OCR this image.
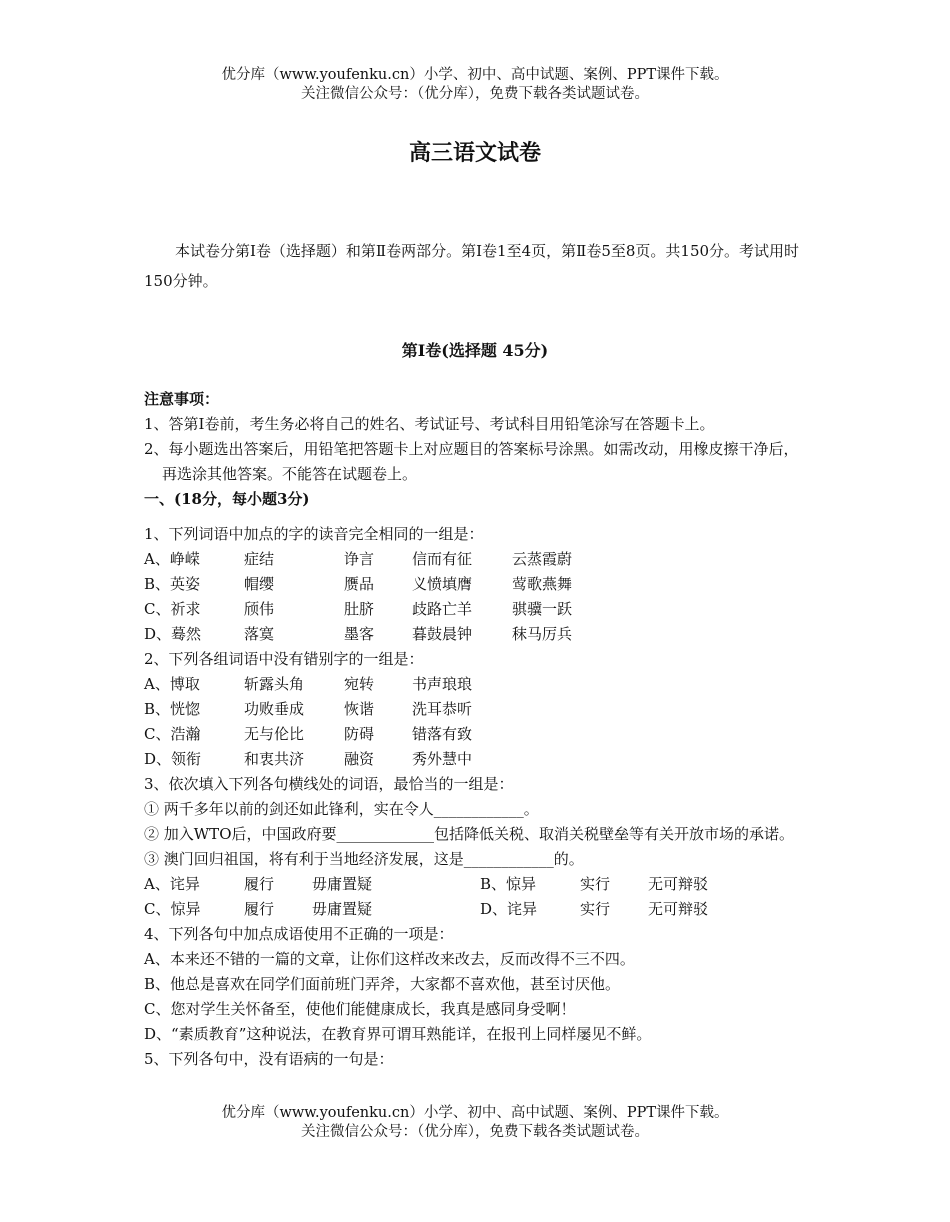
优分库（www.youfenku.cn）小学、初中、高中试题、案例、PPT课件下载。
关注微信公众号：（优分库），免费下载各类试题试卷。
高三语文试卷
本试卷分第Ⅰ卷（选择题）和第Ⅱ卷两部分。第Ⅰ卷1至4页，第Ⅱ卷5至8页。共150分。考试用时150分钟。
第Ⅰ卷(选择题 45分)
注意事项：
1、答第Ⅰ卷前，考生务必将自己的姓名、考试证号、考试科目用铅笔涂写在答题卡上。
2、每小题选出答案后，用铅笔把答题卡上对应题目的答案标号涂黑。如需改动，用橡皮擦干净后，再选涂其他答案。不能答在试题卷上。
一、(18分，每小题3分)
1、下列词语中加点的字的读音完全相同的一组是：
A、峥嵘	症结	诤言	信而有征	云蒸霞蔚
B、英姿	帽缨	赝品	义愤填膺	莺歌燕舞
C、祈求	颀伟	肚脐	歧路亡羊	骐骥一跃
D、蓦然	落寞	墨客	暮鼓晨钟	秣马厉兵
2、下列各组词语中没有错别字的一组是：
A、博取	斩露头角	宛转	书声琅琅
B、恍惚	功败垂成	恢谐	洗耳恭听
C、浩瀚	无与伦比	防碍	错落有致
D、领衔	和衷共济	融资	秀外慧中
3、依次填入下列各句横线处的词语，最恰当的一组是：
① 两千多年以前的剑还如此锋利，实在令人____________。
② 加入WTO后，中国政府要_____________包括降低关税、取消关税壁垒等有关开放市场的承诺。
③ 澳门回归祖国，将有利于当地经济发展，这是____________的。
A、诧异	履行	毋庸置疑	B、惊异	实行	无可辩驳
C、惊异	履行	毋庸置疑	D、诧异	实行	无可辩驳
4、下列各句中加点成语使用不正确的一项是：
A、本来还不错的一篇的文章，让你们这样改来改去，反而改得不三不四。
B、他总是喜欢在同学们面前班门弄斧，大家都不喜欢他，甚至讨厌他。
C、您对学生关怀备至，使他们能健康成长，我真是感同身受啊！
D、“素质教育”这种说法，在教育界可谓耳熟能详，在报刊上同样屡见不鲜。
5、下列各句中，没有语病的一句是：
优分库（www.youfenku.cn）小学、初中、高中试题、案例、PPT课件下载。
关注微信公众号：（优分库），免费下载各类试题试卷。
